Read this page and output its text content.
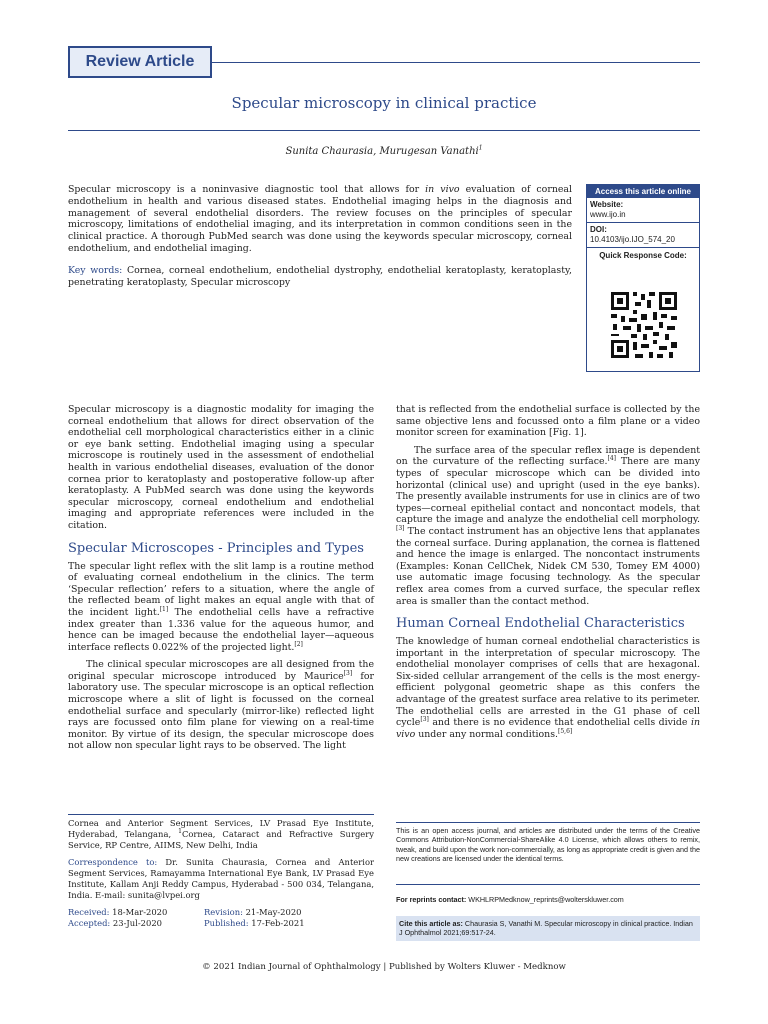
Review Article
Specular microscopy in clinical practice
Sunita Chaurasia, Murugesan Vanathi$^1$

Specular microscopy is a noninvasive diagnostic tool that allows for in vivo evaluation of corneal endothelium in health and various diseased states. Endothelial imaging helps in the diagnosis and management of several endothelial disorders. The review focuses on the principles of specular microscopy, limitations of endothelial imaging, and its interpretation in common conditions seen in the clinical practice. A thorough PubMed search was done using the keywords specular microscopy, corneal endothelium, and endothelial imaging.

Key words: Cornea, corneal endothelium, endothelial dystrophy, endothelial keratoplasty, keratoplasty, penetrating keratoplasty, Specular microscopy

Access this article online
Website:
www.ijo.in
DOI:
10.4103/ijo.IJO_574_20
Quick Response Code:

Specular microscopy is a diagnostic modality for imaging the corneal endothelium that allows for direct observation of the endothelial cell morphological characteristics either in a clinic or eye bank setting. Endothelial imaging using a specular microscope is routinely used in the assessment of endothelial health in various endothelial diseases, evaluation of the donor cornea prior to keratoplasty and postoperative follow-up after keratoplasty. A PubMed search was done using the keywords specular microscopy, corneal endothelium and endothelial imaging and appropriate references were included in the citation.

Specular Microscopes - Principles and Types

The specular light reflex with the slit lamp is a routine method of evaluating corneal endothelium in the clinics. The term ‘Specular reflection’ refers to a situation, where the angle of the reflected beam of light makes an equal angle with that of the incident light.[1] The endothelial cells have a refractive index greater than 1.336 value for the aqueous humor, and hence can be imaged because the endothelial layer—aqueous interface reflects 0.022% of the projected light.[2]

The clinical specular microscopes are all designed from the original specular microscope introduced by Maurice[3] for laboratory use. The specular microscope is an optical reflection microscope where a slit of light is focussed on the corneal endothelial surface and specularly (mirror-like) reflected light rays are focussed onto film plane for viewing on a real-time monitor. By virtue of its design, the specular microscope does not allow non specular light rays to be observed. The light

that is reflected from the endothelial surface is collected by the same objective lens and focussed onto a film plane or a video monitor screen for examination [Fig. 1].

The surface area of the specular reflex image is dependent on the curvature of the reflecting surface.[4] There are many types of specular microscope which can be divided into horizontal (clinical use) and upright (used in the eye banks). The presently available instruments for use in clinics are of two types—corneal epithelial contact and noncontact models, that capture the image and analyze the endothelial cell morphology.[3] The contact instrument has an objective lens that applanates the corneal surface. During applanation, the cornea is flattened and hence the image is enlarged. The noncontact instruments (Examples: Konan CellChek, Nidek CM 530, Tomey EM 4000) use automatic image focusing technology. As the specular reflex area comes from a curved surface, the specular reflex area is smaller than the contact method.

Human Corneal Endothelial Characteristics

The knowledge of human corneal endothelial characteristics is important in the interpretation of specular microscopy. The endothelial monolayer comprises of cells that are hexagonal. Six-sided cellular arrangement of the cells is the most energy-efficient polygonal geometric shape as this confers the advantage of the greatest surface area relative to its perimeter. The endothelial cells are arrested in the G1 phase of cell cycle[3] and there is no evidence that endothelial cells divide in vivo under any normal conditions.[5,6]

Cornea and Anterior Segment Services, LV Prasad Eye Institute, Hyderabad, Telangana, $^1$Cornea, Cataract and Refractive Surgery Service, RP Centre, AIIMS, New Delhi, India

Correspondence to: Dr. Sunita Chaurasia, Cornea and Anterior Segment Services, Ramayamma International Eye Bank, LV Prasad Eye Institute, Kallam Anji Reddy Campus, Hyderabad - 500 034, Telangana, India. E-mail: sunita@lvpei.org

Received: 18-Mar-2020	Revision: 21-May-2020
Accepted: 23-Jul-2020	Published: 17-Feb-2021
This is an open access journal, and articles are distributed under the terms of the Creative Commons Attribution-NonCommercial-ShareAlike 4.0 License, which allows others to remix, tweak, and build upon the work non-commercially, as long as appropriate credit is given and the new creations are licensed under the identical terms.
For reprints contact: WKHLRPMedknow_reprints@wolterskluwer.com
Cite this article as: Chaurasia S, Vanathi M. Specular microscopy in clinical practice. Indian J Ophthalmol 2021;69:517-24.
© 2021 Indian Journal of Ophthalmology | Published by Wolters Kluwer - Medknow
